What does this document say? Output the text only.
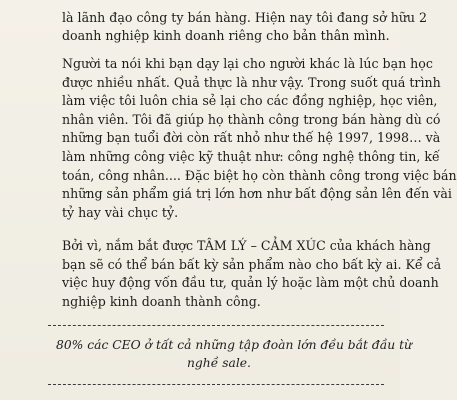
là lãnh đạo công ty bán hàng. Hiện nay tôi đang sở hữu 2
doanh nghiệp kinh doanh riêng cho bản thân mình.
Người ta nói khi bạn dạy lại cho người khác là lúc bạn học
được nhiều nhất. Quả thực là như vậy. Trong suốt quá trình
làm việc tôi luôn chia sẻ lại cho các đồng nghiệp, học viên,
nhân viên. Tôi đã giúp họ thành công trong bán hàng dù có
những bạn tuổi đời còn rất nhỏ như thế hệ 1997, 1998… và
làm những công việc kỹ thuật như: công nghệ thông tin, kế
toán, công nhân.... Đặc biệt họ còn thành công trong việc bán
những sản phẩm giá trị lớn hơn như bất động sản lên đến vài
tỷ hay vài chục tỷ.
Bởi vì, nắm bắt được TÂM LÝ – CẢM XÚC của khách hàng
bạn sẽ có thể bán bất kỳ sản phẩm nào cho bất kỳ ai. Kể cả
việc huy động vốn đầu tư, quản lý hoặc làm một chủ doanh
nghiệp kinh doanh thành công.
80% các CEO ở tất cả những tập đoàn lớn đều bắt đầu từ
nghề sale.
